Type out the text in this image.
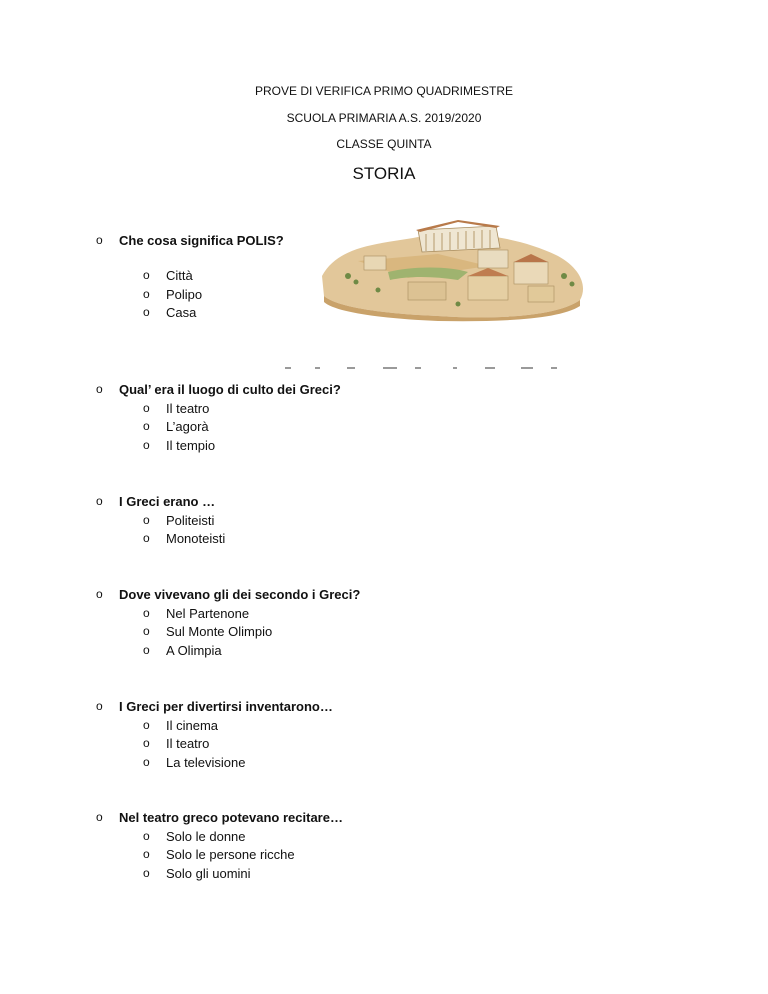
PROVE DI VERIFICA PRIMO QUADRIMESTRE
SCUOLA PRIMARIA A.S. 2019/2020
CLASSE QUINTA
STORIA
o Che cosa significa POLIS?
o Città
o Polipo
o Casa
o Qual’ era il luogo di culto dei Greci?
o Il teatro
o L’agorà
o Il tempio
o I Greci erano …
o Politeisti
o Monoteisti
o Dove vivevano gli dei secondo i Greci?
o Nel Partenone
o Sul Monte Olimpio
o A Olimpia
o I Greci per divertirsi inventarono…
o Il cinema
o Il teatro
o La televisione
o Nel teatro greco potevano recitare…
o Solo le donne
o Solo le persone ricche
o Solo gli uomini
